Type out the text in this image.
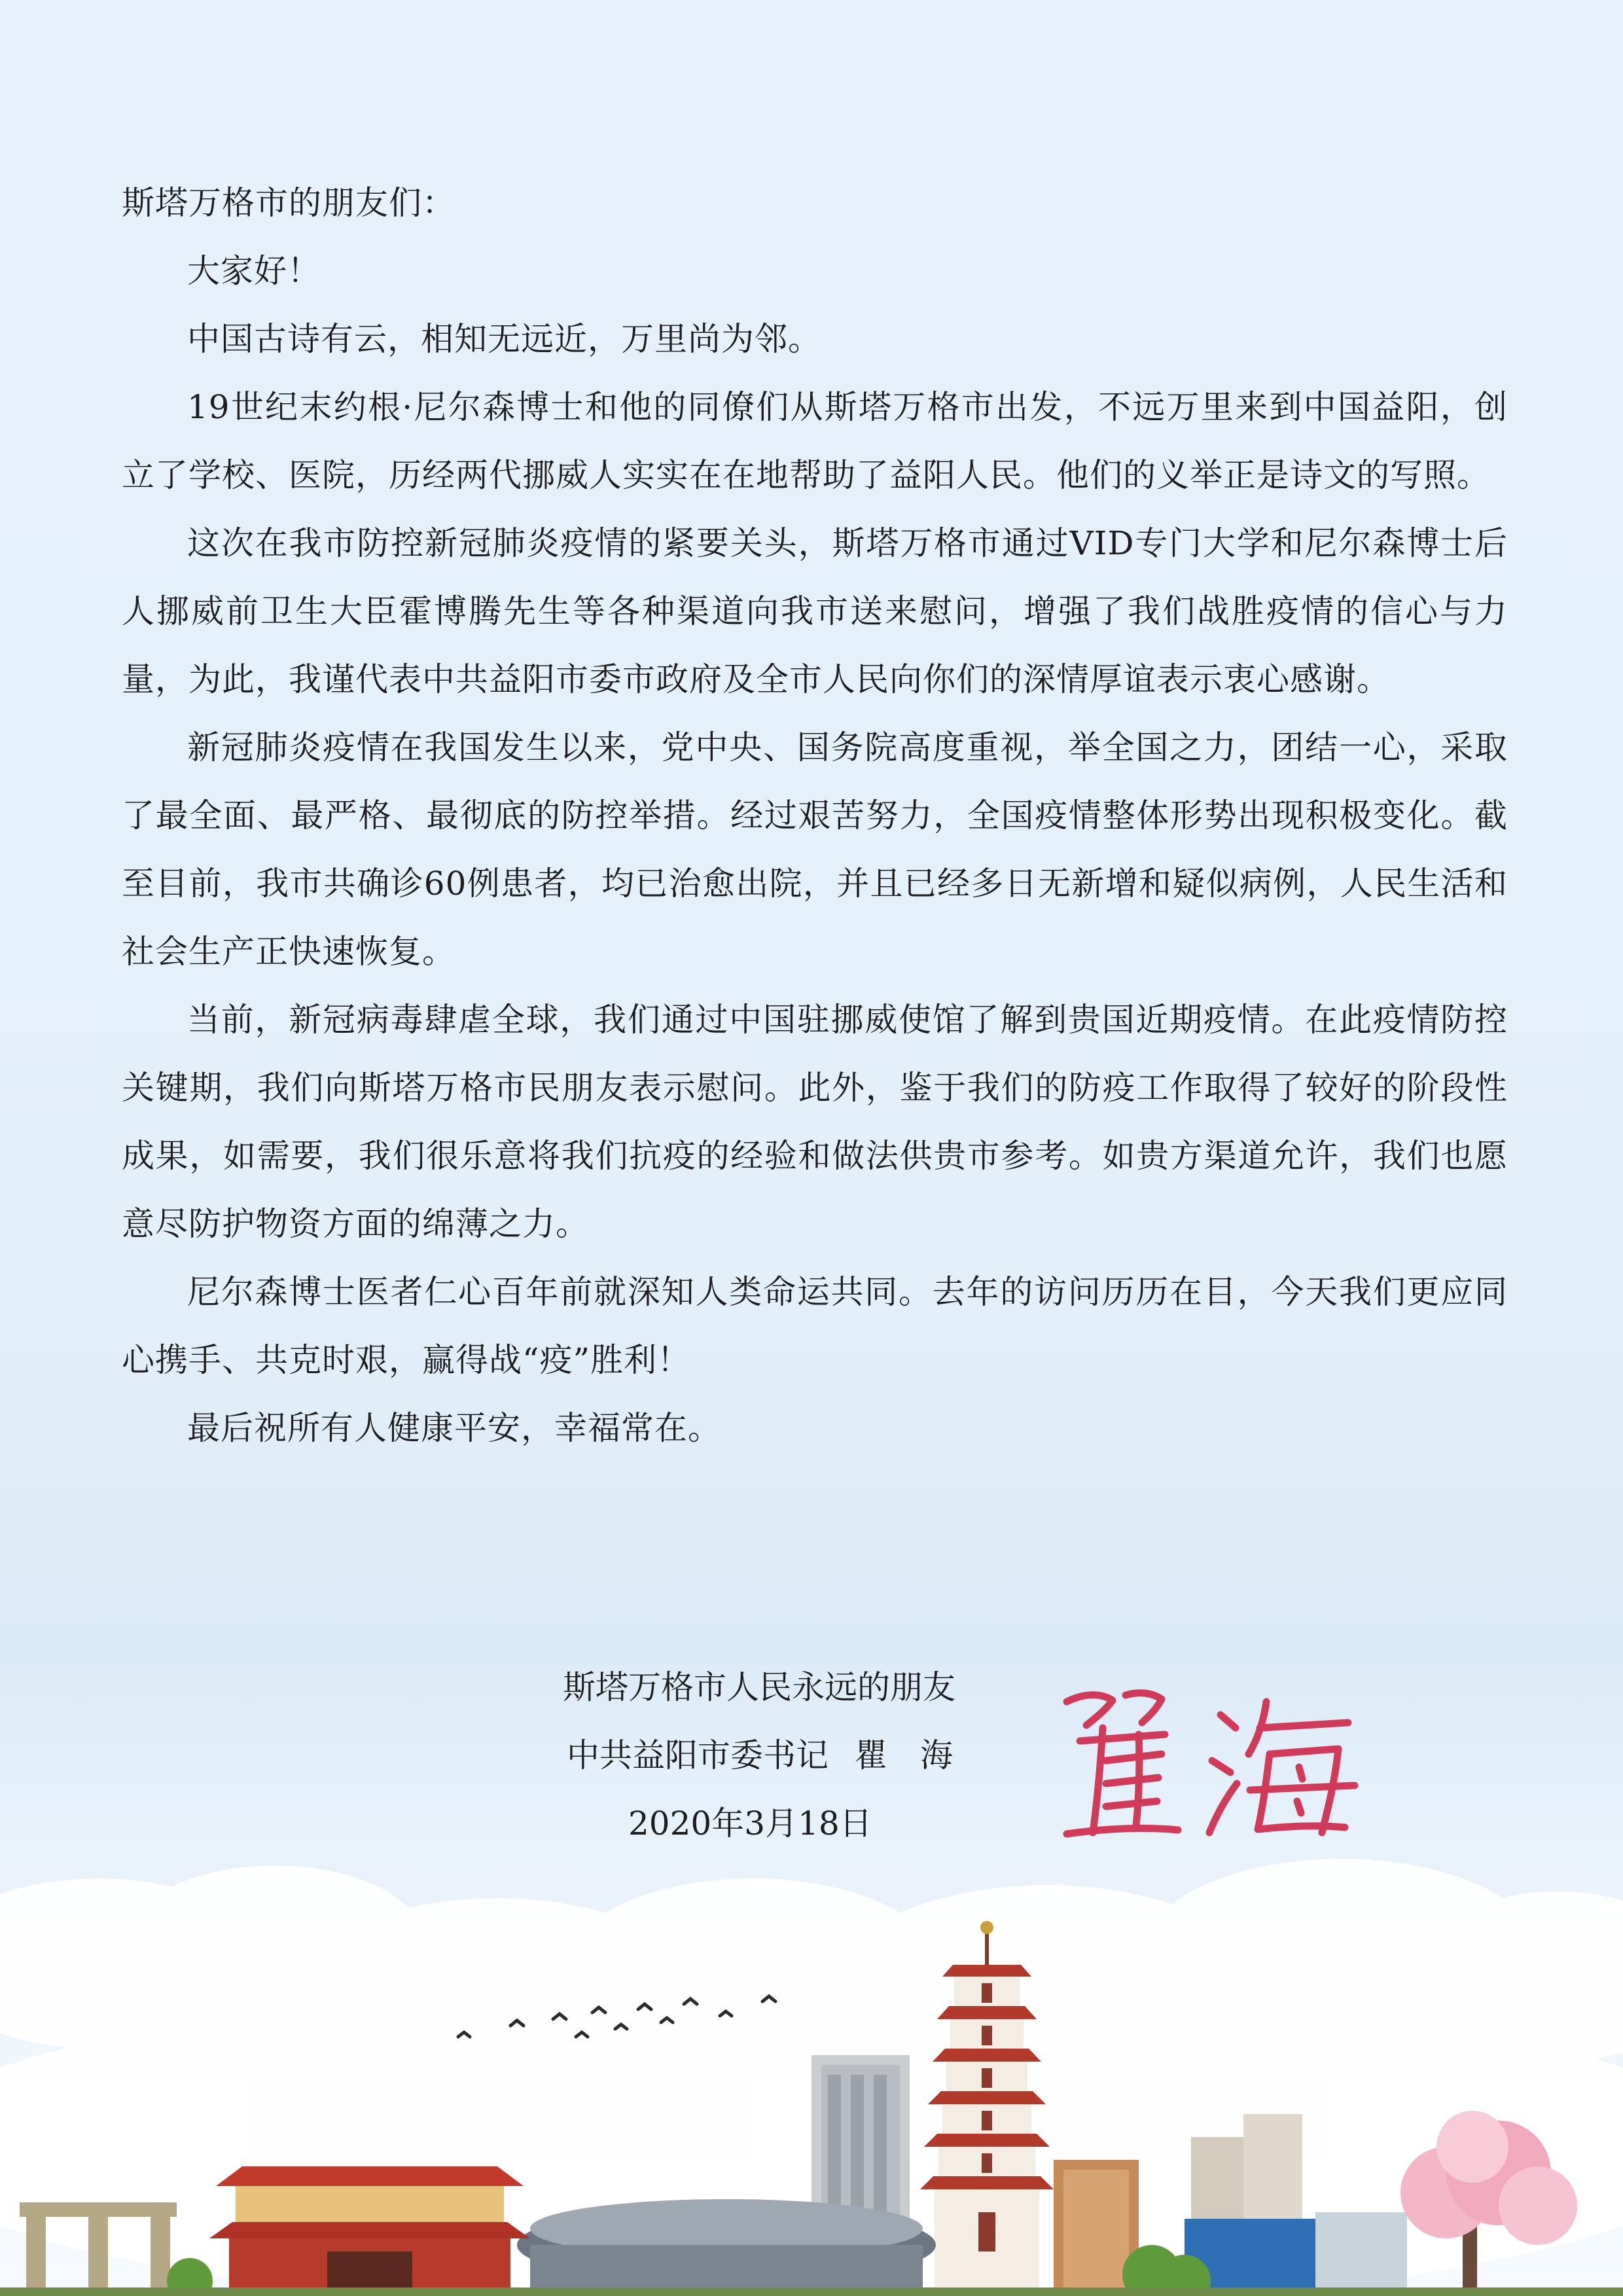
斯塔万格市的朋友们：

大家好！

中国古诗有云，相知无远近，万里尚为邻。

19世纪末约根·尼尔森博士和他的同僚们从斯塔万格市出发，不远万里来到中国益阳，创立了学校、医院，历经两代挪威人实实在在地帮助了益阳人民。他们的义举正是诗文的写照。

这次在我市防控新冠肺炎疫情的紧要关头，斯塔万格市通过VID专门大学和尼尔森博士后人挪威前卫生大臣霍博腾先生等各种渠道向我市送来慰问，增强了我们战胜疫情的信心与力量，为此，我谨代表中共益阳市委市政府及全市人民向你们的深情厚谊表示衷心感谢。

新冠肺炎疫情在我国发生以来，党中央、国务院高度重视，举全国之力，团结一心，采取了最全面、最严格、最彻底的防控举措。经过艰苦努力，全国疫情整体形势出现积极变化。截至目前，我市共确诊60例患者，均已治愈出院，并且已经多日无新增和疑似病例，人民生活和社会生产正快速恢复。

当前，新冠病毒肆虐全球，我们通过中国驻挪威使馆了解到贵国近期疫情。在此疫情防控关键期，我们向斯塔万格市民朋友表示慰问。此外，鉴于我们的防疫工作取得了较好的阶段性成果，如需要，我们很乐意将我们抗疫的经验和做法供贵市参考。如贵方渠道允许，我们也愿意尽防护物资方面的绵薄之力。

尼尔森博士医者仁心百年前就深知人类命运共同。去年的访问历历在目，今天我们更应同心携手、共克时艰，赢得战“疫”胜利！

最后祝所有人健康平安，幸福常在。

斯塔万格市人民永远的朋友
中共益阳市委书记 瞿　海
2020年3月18日
